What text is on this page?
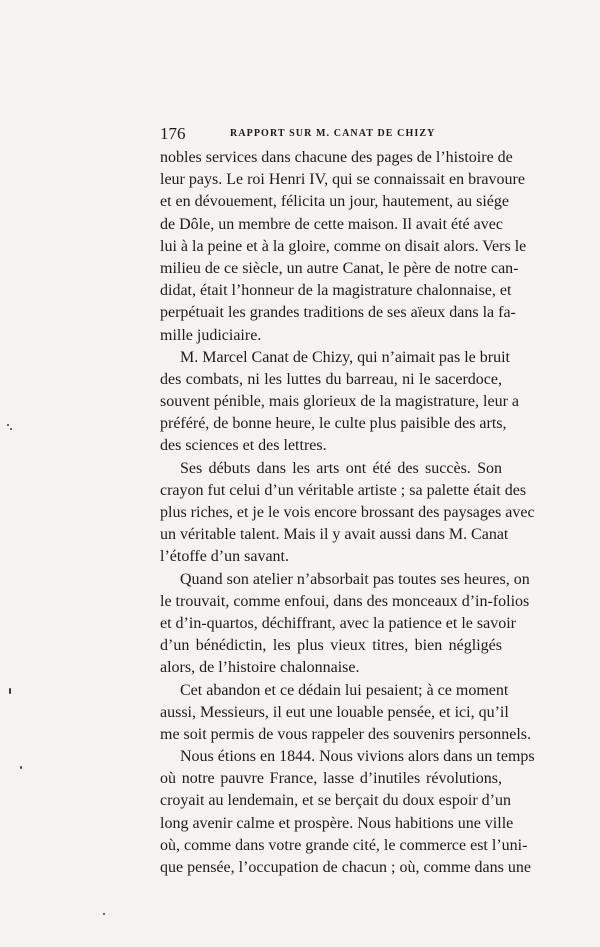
176	RAPPORT SUR M. CANAT DE CHIZY
nobles services dans chacune des pages de l’histoire de
leur pays. Le roi Henri IV, qui se connaissait en bravoure
et en dévouement, félicita un jour, hautement, au siége
de Dôle, un membre de cette maison. Il avait été avec
lui à la peine et à la gloire, comme on disait alors. Vers le
milieu de ce siècle, un autre Canat, le père de notre can-
didat, était l’honneur de la magistrature chalonnaise, et
perpétuait les grandes traditions de ses aïeux dans la fa-
mille judiciaire.
M. Marcel Canat de Chizy, qui n’aimait pas le bruit
des combats, ni les luttes du barreau, ni le sacerdoce,
souvent pénible, mais glorieux de la magistrature, leur a
préféré, de bonne heure, le culte plus paisible des arts,
des sciences et des lettres.
Ses débuts dans les arts ont été des succès. Son
crayon fut celui d’un véritable artiste ; sa palette était des
plus riches, et je le vois encore brossant des paysages avec
un véritable talent. Mais il y avait aussi dans M. Canat
l’étoffe d’un savant.
Quand son atelier n’absorbait pas toutes ses heures, on
le trouvait, comme enfoui, dans des monceaux d’in-folios
et d’in-quartos, déchiffrant, avec la patience et le savoir
d’un bénédictin, les plus vieux titres, bien négligés
alors, de l’histoire chalonnaise.
Cet abandon et ce dédain lui pesaient; à ce moment
aussi, Messieurs, il eut une louable pensée, et ici, qu’il
me soit permis de vous rappeler des souvenirs personnels.
Nous étions en 1844. Nous vivions alors dans un temps
où notre pauvre France, lasse d’inutiles révolutions,
croyait au lendemain, et se berçait du doux espoir d’un
long avenir calme et prospère. Nous habitions une ville
où, comme dans votre grande cité, le commerce est l’uni-
que pensée, l’occupation de chacun ; où, comme dans une
